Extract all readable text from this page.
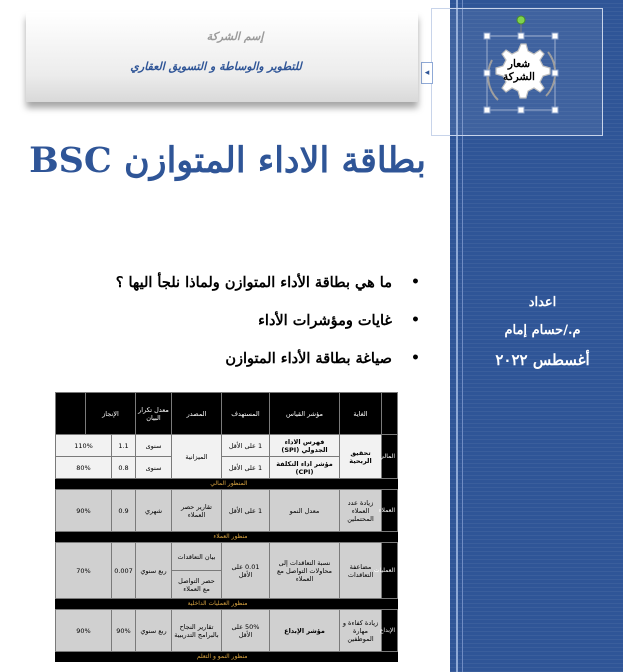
◂
شعار
الشركة
إسم الشركة
للتطوير والوساطة و التسويق العقاري
بطاقة الاداء المتوازن BSC
• ما هي بطاقة الأداء المتوازن ولماذا نلجأ اليها ؟
• غايات ومؤشرات الأداء
• صياغة بطاقة الأداء المتوازن
اعداد
م./حسام إمام
أغسطس ٢٠٢٢
	الغاية	مؤشر القياس	المستهدف	المصدر	معدل تكرار البيان	الإنجاز		
المالي	تحقيق الربحية	فهرس الاداء الجدولي (SPI)	1 على الأقل	الميزانية	سنوى	1.1	110%	
		مؤشر اداء التكلفة (CPI)	1 على الأقل		سنوى	0.8	80%	
المنظور المالي								
العملاء	زيادة عدد العملاء المحتملين	معدل النمو	1 على الأقل	تقارير حصر العملاء	شهري	0.9	90%	
منظور العملاء								
العمليات	مضاعفة التعاقدات	نسبة التعاقدات إلى محاولات التواصل مع العملاء	0.01 على الأقل	بيان التعاقدات	ربع سنوي	0.007	70%	
				حصر التواصل مع العملاء				
منظور العمليات الداخلية								
الإبداع	زيادة كفاءة و مهارة الموظفين	مؤشر الإبداع	50% على الأقل	تقارير النجاح بالبرامج التدريبية	ربع سنوي	90%	90%	
منظور النمو و التعلم								
